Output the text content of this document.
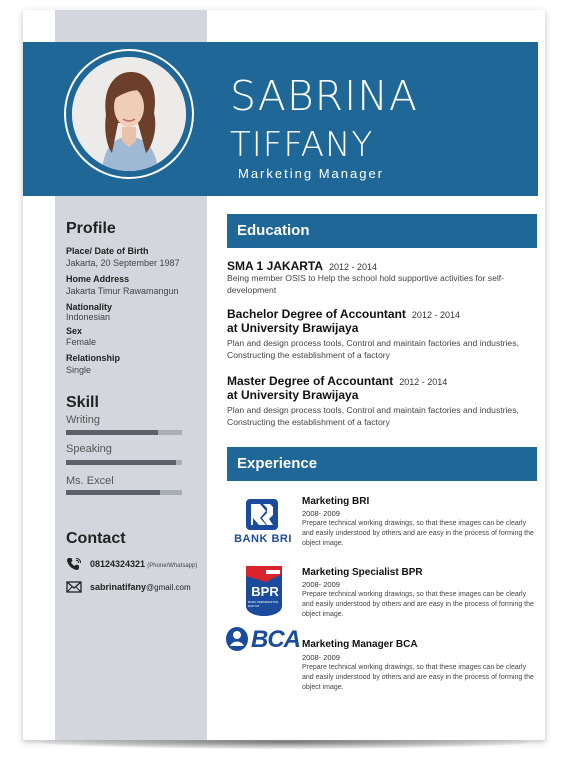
SABRINA
TIFFANY
Marketing Manager
Profile
Place/ Date of Birth
Jakarta, 20 September 1987
Home Address
Jakarta Timur Rawamangun
Nationality
Indonesian
Sex
Female
Relationship
Single
Skill
Writing
Speaking
Ms. Excel
Contact
08124324321 (Phone/Whatsapp)
sabrinatifany@gmail.com
Education
SMA 1 JAKARTA 2012 - 2014
Being member OSIS to Help the school hold supportive activities for self-development
Bachelor Degree of Accountant 2012 - 2014
at University Brawijaya
Plan and design process tools, Control and maintain factories and industries, Constructing the establishment of a factory
Master Degree of Accountant 2012 - 2014
at University Brawijaya
Plan and design process tools, Control and maintain factories and industries, Constructing the establishment of a factory
Experience
BANK BRI
Marketing BRI
2008- 2009
Prepare technical working drawings, so that these images can be clearly and easily understood by others and are easy in the process of forming the object image.
BPR
BANK PERKREDITAN RAKYAT
Marketing Specialist BPR
2008- 2009
Prepare technical working drawings, so that these images can be clearly and easily understood by others and are easy in the process of forming the object image.
BCA Marketing Manager BCA
2008- 2009
Prepare technical working drawings, so that these images can be clearly and easily understood by others and are easy in the process of forming the object image.
